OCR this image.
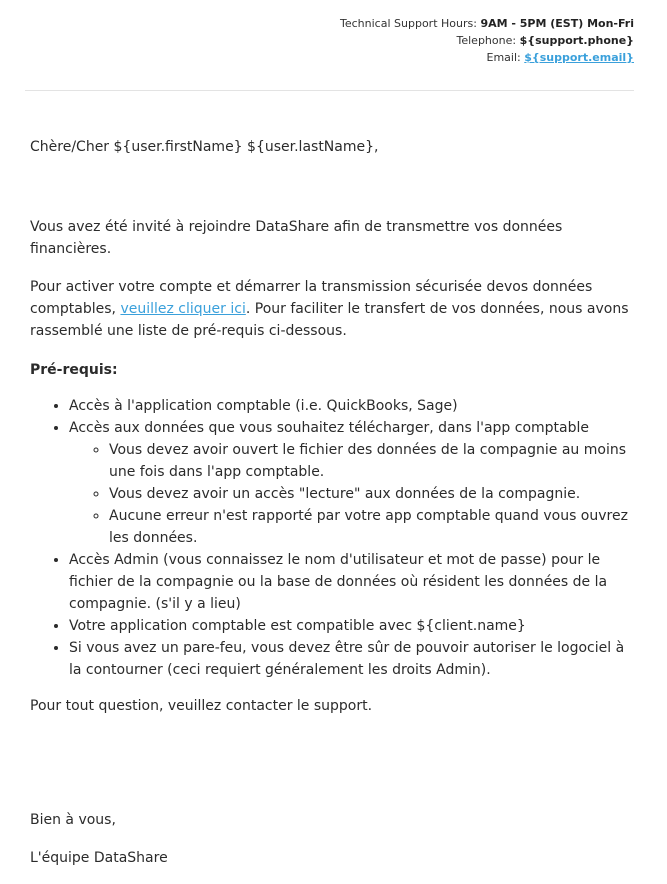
Technical Support Hours: 9AM - 5PM (EST) Mon-Fri
Telephone: ${support.phone}
Email: ${support.email}

Chère/Cher ${user.firstName} ${user.lastName},

Vous avez été invité à rejoindre DataShare afin de transmettre vos données financières.

Pour activer votre compte et démarrer la transmission sécurisée devos données comptables, veuillez cliquer ici. Pour faciliter le transfert de vos données, nous avons rassemblé une liste de pré-requis ci-dessous.

Pré-requis:

• Accès à l'application comptable (i.e. QuickBooks, Sage)
• Accès aux données que vous souhaitez télécharger, dans l'app comptable
◦ Vous devez avoir ouvert le fichier des données de la compagnie au moins une fois dans l'app comptable.
◦ Vous devez avoir un accès "lecture" aux données de la compagnie.
◦ Aucune erreur n'est rapporté par votre app comptable quand vous ouvrez les données.
• Accès Admin (vous connaissez le nom d'utilisateur et mot de passe) pour le fichier de la compagnie ou la base de données où résident les données de la compagnie. (s'il y a lieu)
• Votre application comptable est compatible avec ${client.name}
• Si vous avez un pare-feu, vous devez être sûr de pouvoir autoriser le logociel à la contourner (ceci requiert généralement les droits Admin).

Pour tout question, veuillez contacter le support.

Bien à vous,

L'équipe DataShare
